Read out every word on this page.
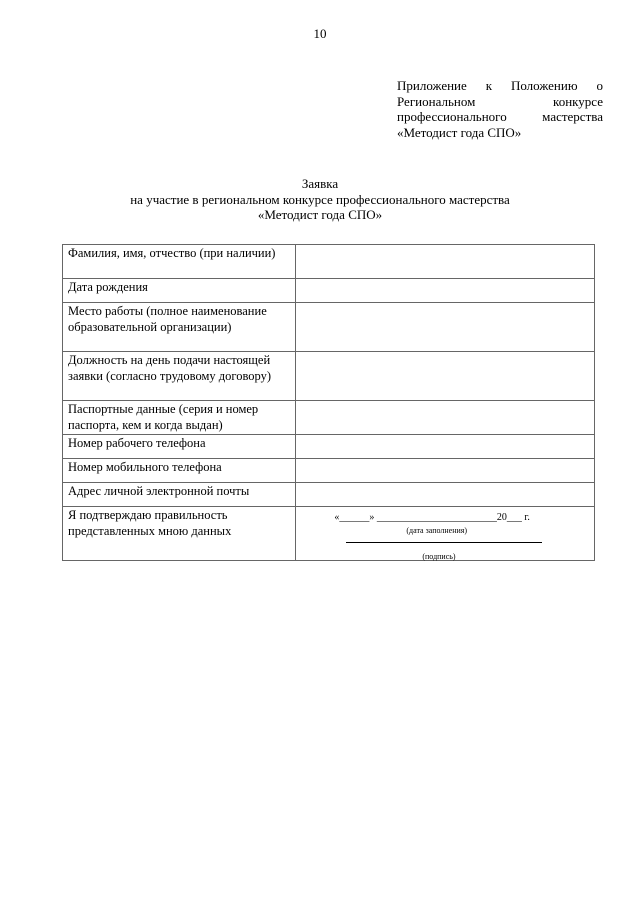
10
Приложение к Положению о
Региональном конкурсе
профессионального мастерства
«Методист года СПО»
Заявка
на участие в региональном конкурсе профессионального мастерства
«Методист года СПО»
Фамилия, имя, отчество (при наличии)	
Дата рождения	
Место работы (полное наименование образовательной организации)	
Должность на день подачи настоящей заявки (согласно трудовому договору)	
Паспортные данные (серия и номер паспорта, кем и когда выдан)	
Номер рабочего телефона	
Номер мобильного телефона	
Адрес личной электронной почты	
Я подтверждаю правильность представленных мною данных	«______» ________________________20___ г.
(дата заполнения)
(подпись)
